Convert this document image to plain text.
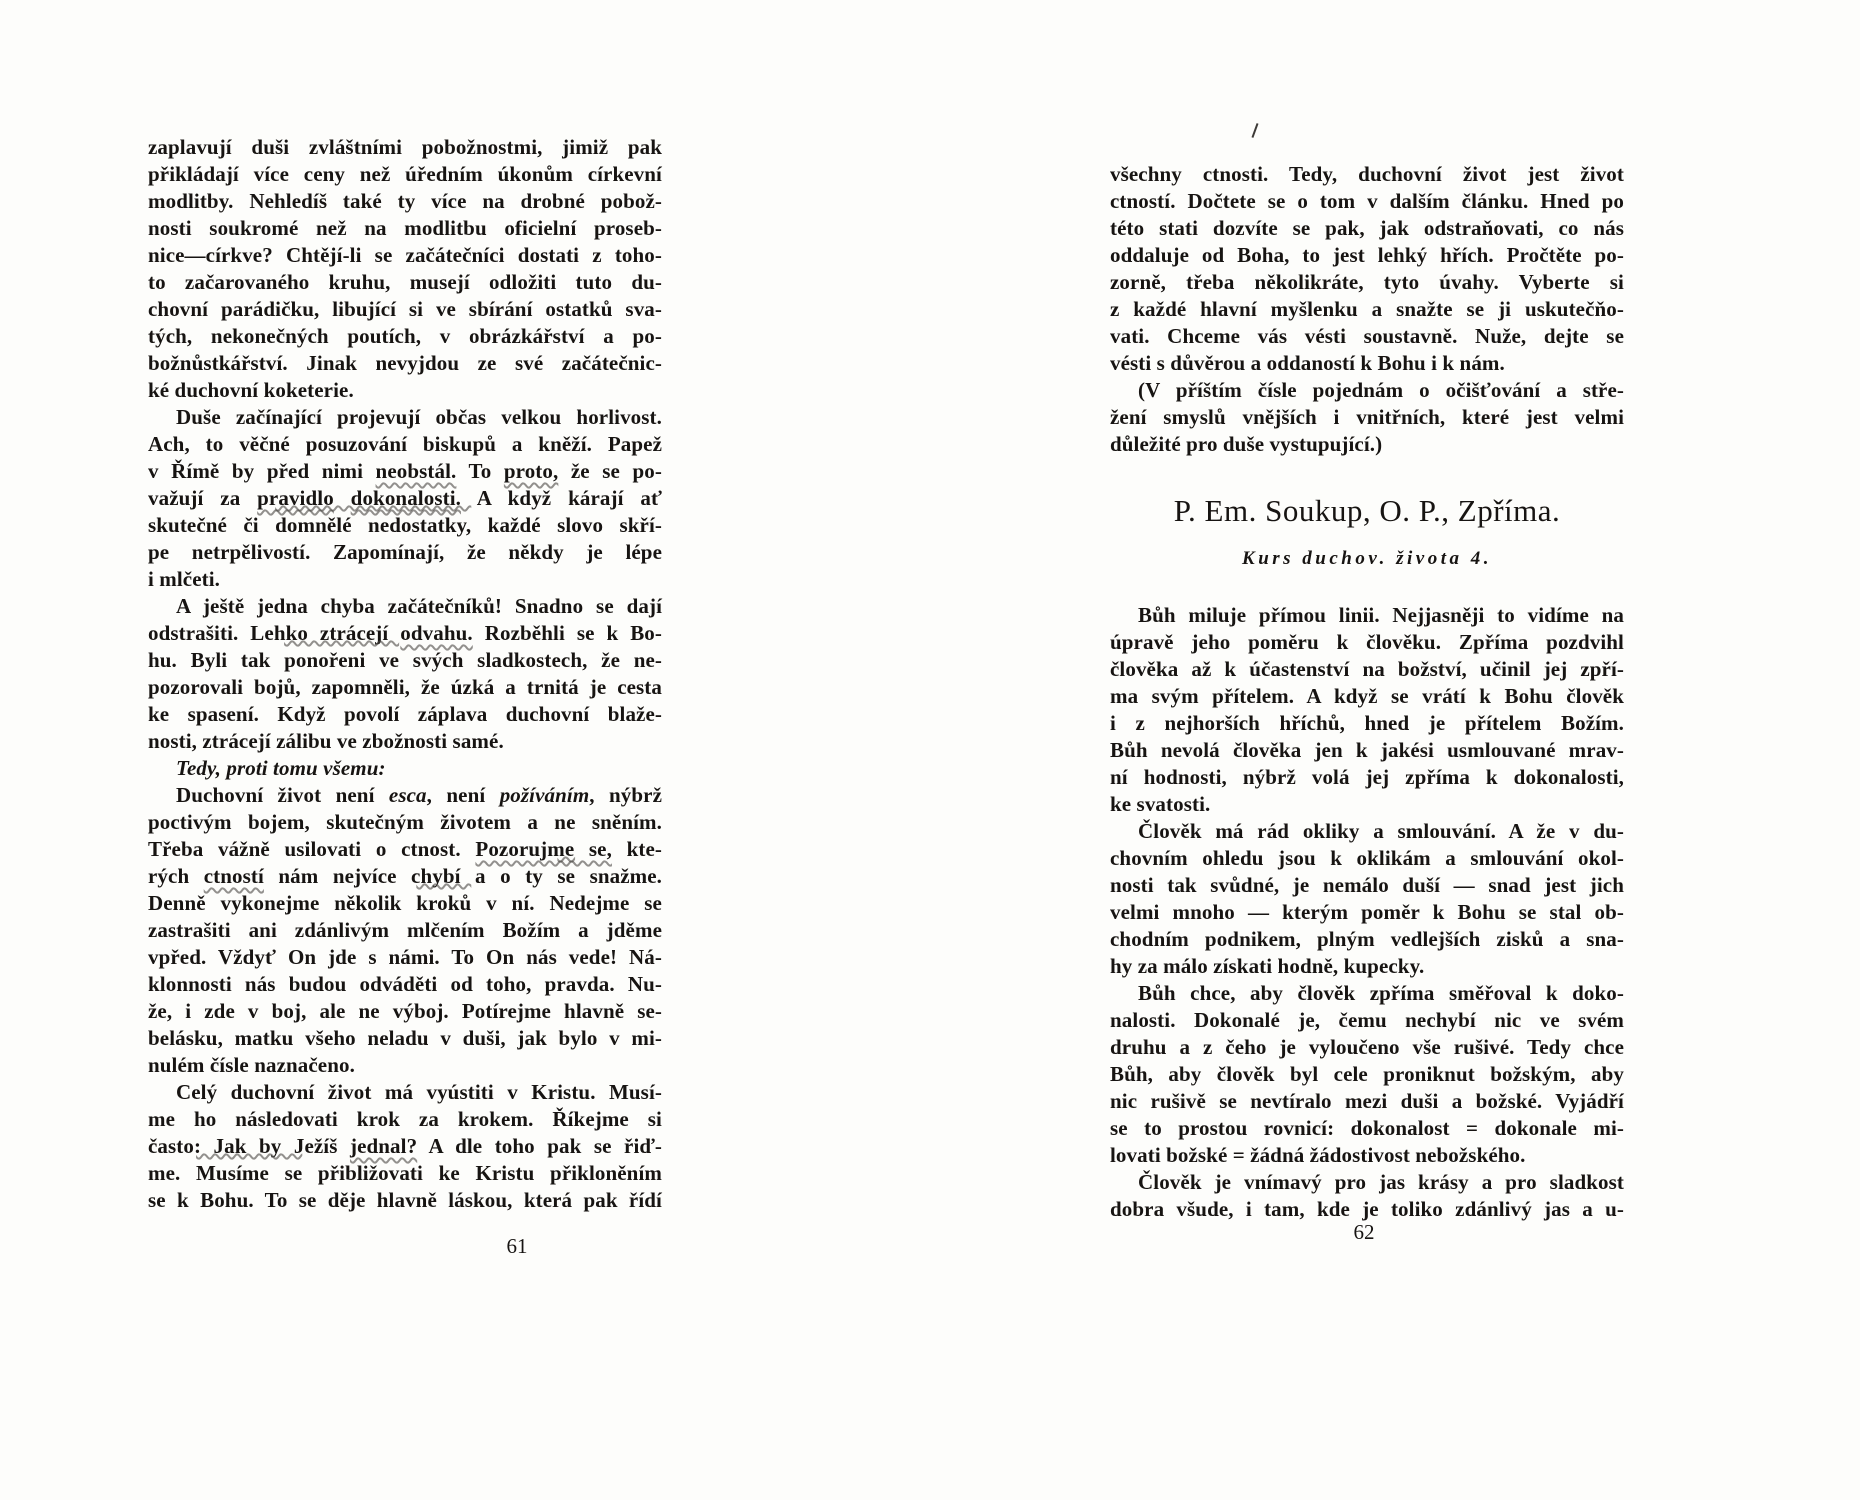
zaplavují duši zvláštními pobožnostmi, jimiž pak
přikládají více ceny než úředním úkonům církevní
modlitby. Nehledíš také ty více na drobné pobož-
nosti soukromé než na modlitbu oficielní proseb-
nice—církve? Chtějí-li se začátečníci dostati z toho-
to začarovaného kruhu, musejí odložiti tuto du-
chovní parádičku, libující si ve sbírání ostatků sva-
tých, nekonečných poutích, v obrázkářství a po-
božnůstkářství. Jinak nevyjdou ze své začátečnic-
ké duchovní koketerie.
Duše začínající projevují občas velkou horlivost.
Ach, to věčné posuzování biskupů a kněží. Papež
v Římě by před nimi neobstál. To proto, že se po-
važují za pravidlo dokonalosti. A když kárají ať
skutečné či domnělé nedostatky, každé slovo skří-
pe netrpělivostí. Zapomínají, že někdy je lépe
i mlčeti.
A ještě jedna chyba začátečníků! Snadno se dají
odstrašiti. Lehko ztrácejí odvahu. Rozběhli se k Bo-
hu. Byli tak ponořeni ve svých sladkostech, že ne-
pozorovali bojů, zapomněli, že úzká a trnitá je cesta
ke spasení. Když povolí záplava duchovní blaže-
nosti, ztrácejí zálibu ve zbožnosti samé.
Tedy, proti tomu všemu:
Duchovní život není esca, není požíváním, nýbrž
poctivým bojem, skutečným životem a ne sněním.
Třeba vážně usilovati o ctnost. Pozorujme se, kte-
rých ctností nám nejvíce chybí a o ty se snažme.
Denně vykonejme několik kroků v ní. Nedejme se
zastrašiti ani zdánlivým mlčením Božím a jděme
vpřed. Vždyť On jde s námi. To On nás vede! Ná-
klonnosti nás budou odváděti od toho, pravda. Nu-
že, i zde v boj, ale ne výboj. Potírejme hlavně se-
belásku, matku všeho neladu v duši, jak bylo v mi-
nulém čísle naznačeno.
Celý duchovní život má vyústiti v Kristu. Musí-
me ho následovati krok za krokem. Říkejme si
často: Jak by Ježíš jednal? A dle toho pak se řiď-
me. Musíme se přibližovati ke Kristu přikloněním
se k Bohu. To se děje hlavně láskou, která pak řídí
61
všechny ctnosti. Tedy, duchovní život jest život
ctností. Dočtete se o tom v dalším článku. Hned po
této stati dozvíte se pak, jak odstraňovati, co nás
oddaluje od Boha, to jest lehký hřích. Pročtěte po-
zorně, třeba několikráte, tyto úvahy. Vyberte si
z každé hlavní myšlenku a snažte se ji uskutečňo-
vati. Chceme vás vésti soustavně. Nuže, dejte se
vésti s důvěrou a oddaností k Bohu i k nám.
(V příštím čísle pojednám o očišťování a stře-
žení smyslů vnějších i vnitřních, které jest velmi
důležité pro duše vystupující.)
P. Em. Soukup, O. P., Zpříma.
Kurs duchov. života 4.
Bůh miluje přímou linii. Nejjasněji to vidíme na
úpravě jeho poměru k člověku. Zpříma pozdvihl
člověka až k účastenství na božství, učinil jej zpří-
ma svým přítelem. A když se vrátí k Bohu člověk
i z nejhorších hříchů, hned je přítelem Božím.
Bůh nevolá člověka jen k jakési usmlouvané mrav-
ní hodnosti, nýbrž volá jej zpříma k dokonalosti,
ke svatosti.
Člověk má rád okliky a smlouvání. A že v du-
chovním ohledu jsou k oklikám a smlouvání okol-
nosti tak svůdné, je nemálo duší — snad jest jich
velmi mnoho — kterým poměr k Bohu se stal ob-
chodním podnikem, plným vedlejších zisků a sna-
hy za málo získati hodně, kupecky.
Bůh chce, aby člověk zpříma směřoval k doko-
nalosti. Dokonalé je, čemu nechybí nic ve svém
druhu a z čeho je vyloučeno vše rušivé. Tedy chce
Bůh, aby člověk byl cele proniknut božským, aby
nic rušivě se nevtíralo mezi duši a božské. Vyjádří
se to prostou rovnicí: dokonalost = dokonale mi-
lovati božské = žádná žádostivost nebožského.
Člověk je vnímavý pro jas krásy a pro sladkost
dobra všude, i tam, kde je toliko zdánlivý jas a u-
62
